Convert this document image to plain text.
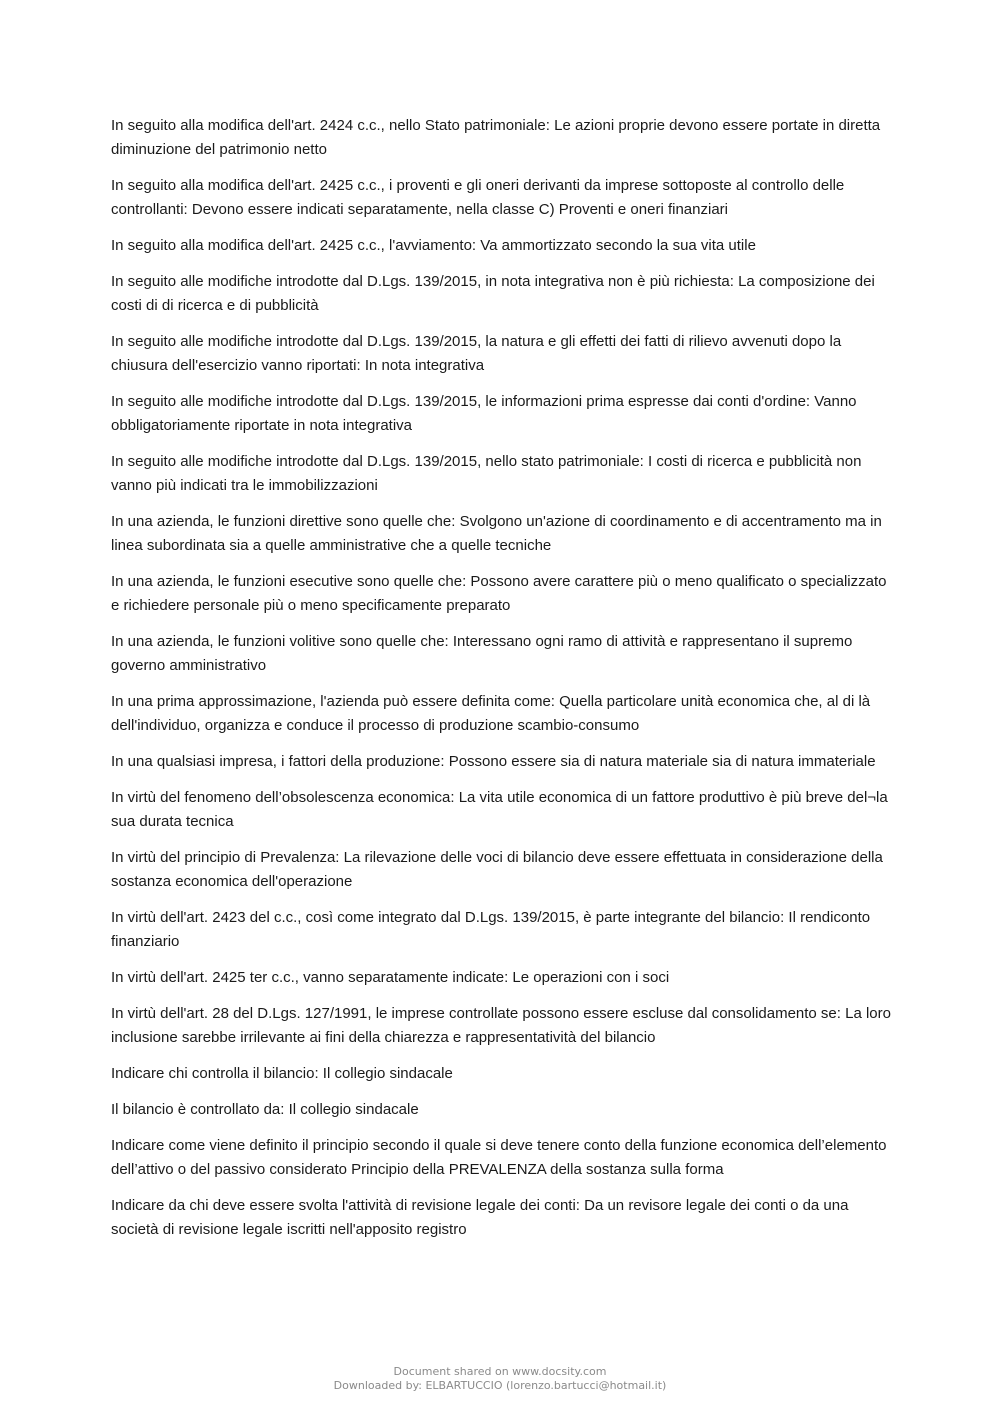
In seguito alla modifica dell'art. 2424 c.c., nello Stato patrimoniale: Le azioni proprie devono essere portate in diretta diminuzione del patrimonio netto

In seguito alla modifica dell'art. 2425 c.c., i proventi e gli oneri derivanti da imprese sottoposte al controllo delle controllanti: Devono essere indicati separatamente, nella classe C) Proventi e oneri finanziari

In seguito alla modifica dell'art. 2425 c.c., l'avviamento: Va ammortizzato secondo la sua vita utile

In seguito alle modifiche introdotte dal D.Lgs. 139/2015, in nota integrativa non è più richiesta: La composizione dei costi di di ricerca e di pubblicità

In seguito alle modifiche introdotte dal D.Lgs. 139/2015, la natura e gli effetti dei fatti di rilievo avvenuti dopo la chiusura dell'esercizio vanno riportati: In nota integrativa

In seguito alle modifiche introdotte dal D.Lgs. 139/2015, le informazioni prima espresse dai conti d'ordine: Vanno obbligatoriamente riportate in nota integrativa

In seguito alle modifiche introdotte dal D.Lgs. 139/2015, nello stato patrimoniale: I costi di ricerca e pubblicità non vanno più indicati tra le immobilizzazioni

In una azienda, le funzioni direttive sono quelle che: Svolgono un'azione di coordinamento e di accentramento ma in linea subordinata sia a quelle amministrative che a quelle tecniche

In una azienda, le funzioni esecutive sono quelle che: Possono avere carattere più o meno qualificato o specializzato e richiedere personale più o meno specificamente preparato

In una azienda, le funzioni volitive sono quelle che: Interessano ogni ramo di attività e rappresentano il supremo governo amministrativo

In una prima approssimazione, l'azienda può essere definita come: Quella particolare unità economica che, al di là dell'individuo, organizza e conduce il processo di produzione scambio-consumo

In una qualsiasi impresa, i fattori della produzione: Possono essere sia di natura materiale sia di natura immateriale

In virtù del fenomeno dell’obsolescenza economica: La vita utile economica di un fattore produttivo è più breve del¬la sua durata tecnica

In virtù del principio di Prevalenza: La rilevazione delle voci di bilancio deve essere effettuata in considerazione della sostanza economica dell'operazione

In virtù dell'art. 2423 del c.c., così come integrato dal D.Lgs. 139/2015, è parte integrante del bilancio: Il rendiconto finanziario

In virtù dell'art. 2425 ter c.c., vanno separatamente indicate: Le operazioni con i soci

In virtù dell'art. 28 del D.Lgs. 127/1991, le imprese controllate possono essere escluse dal consolidamento se: La loro inclusione sarebbe irrilevante ai fini della chiarezza e rappresentatività del bilancio

Indicare chi controlla il bilancio: Il collegio sindacale

Il bilancio è controllato da: Il collegio sindacale

Indicare come viene definito il principio secondo il quale si deve tenere conto della funzione economica dell’elemento dell’attivo o del passivo considerato Principio della PREVALENZA della sostanza sulla forma

Indicare da chi deve essere svolta l'attività di revisione legale dei conti: Da un revisore legale dei conti o da una società di revisione legale iscritti nell'apposito registro

Document shared on www.docsity.com
Downloaded by: ELBARTUCCIO (lorenzo.bartucci@hotmail.it)
